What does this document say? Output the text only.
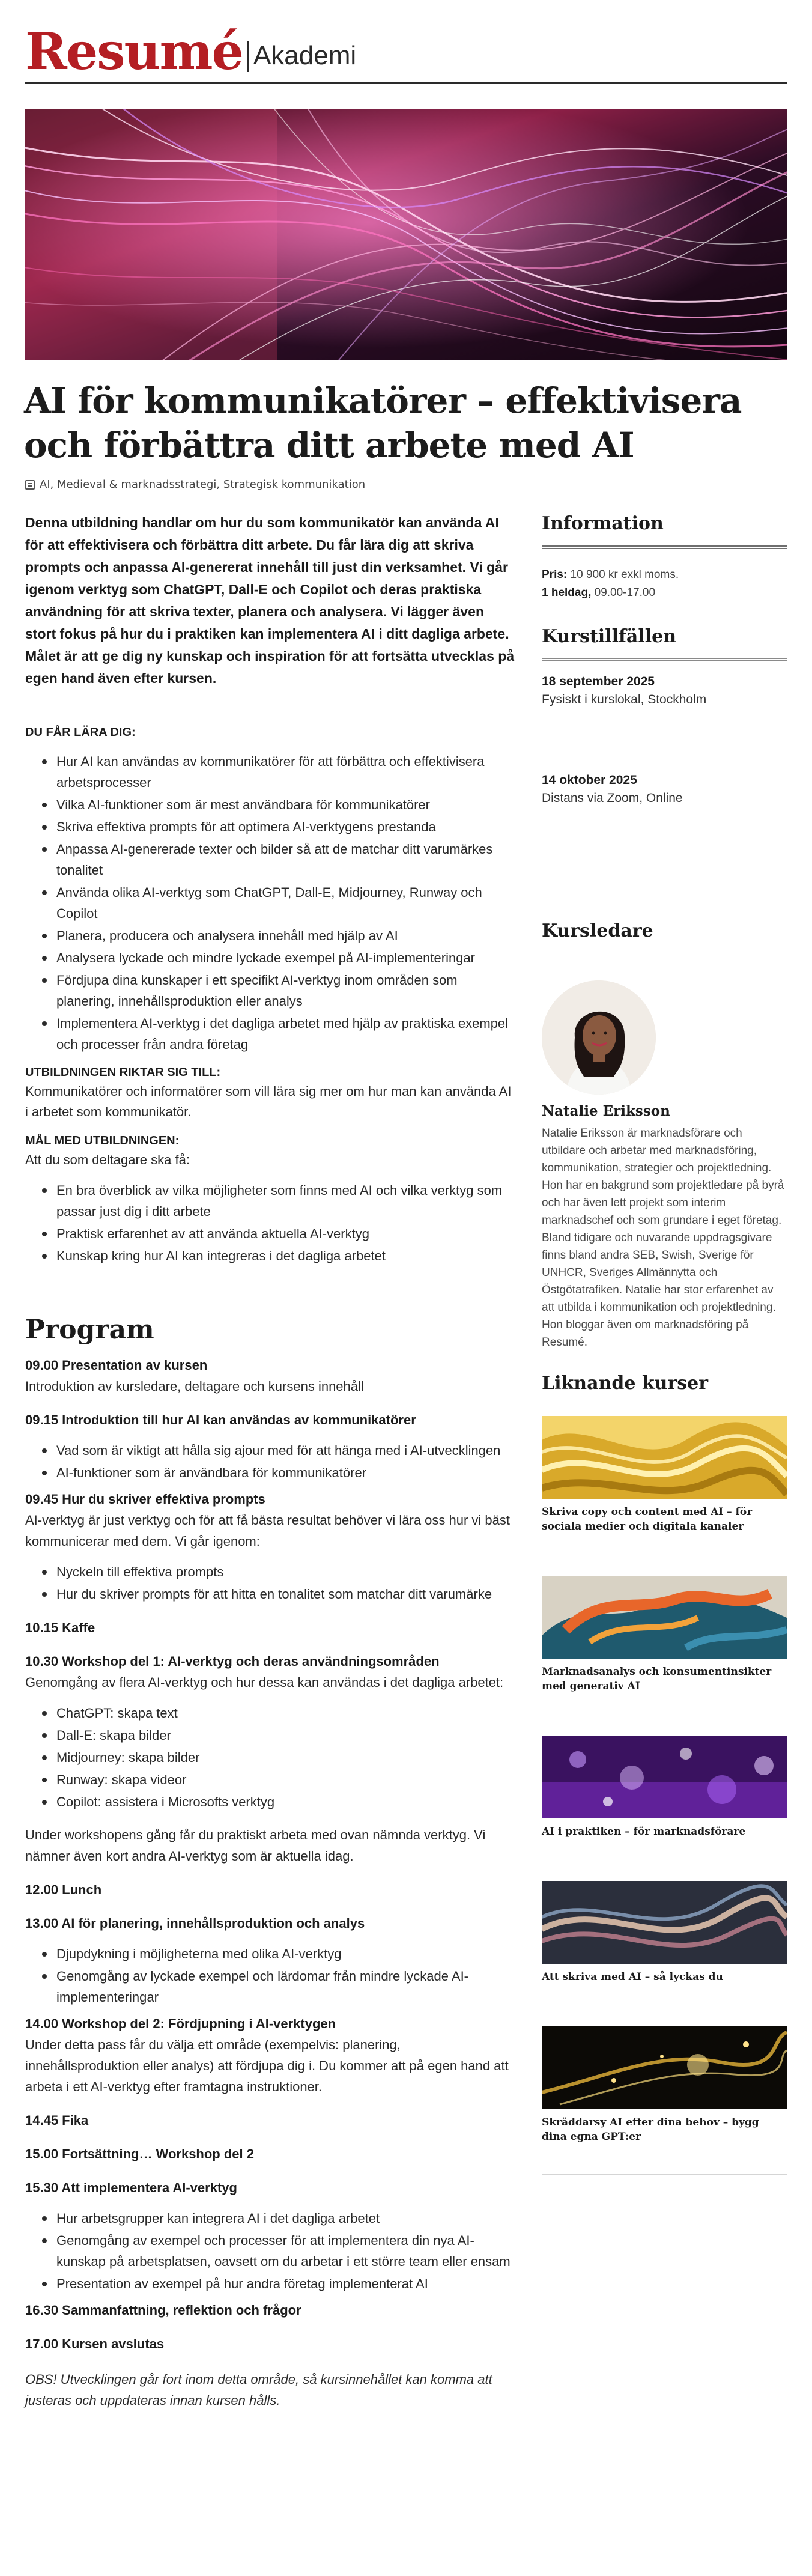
Resumé Akademi
AI för kommunikatörer – effektivisera och förbättra ditt arbete med AI
AI, Medieval & marknadsstrategi, Strategisk kommunikation

Denna utbildning handlar om hur du som kommunikatör kan använda AI för att effektivisera och förbättra ditt arbete. Du får lära dig att skriva prompts och anpassa AI-genererat innehåll till just din verksamhet. Vi går igenom verktyg som ChatGPT, Dall-E och Copilot och deras praktiska användning för att skriva texter, planera och analysera. Vi lägger även stort fokus på hur du i praktiken kan implementera AI i ditt dagliga arbete. Målet är att ge dig ny kunskap och inspiration för att fortsätta utvecklas på egen hand även efter kursen.

DU FÅR LÄRA DIG:

Hur AI kan användas av kommunikatörer för att förbättra och effektivisera arbetsprocesser
Vilka AI-funktioner som är mest användbara för kommunikatörer
Skriva effektiva prompts för att optimera AI-verktygens prestanda
Anpassa AI-genererade texter och bilder så att de matchar ditt varumärkes tonalitet
Använda olika AI-verktyg som ChatGPT, Dall-E, Midjourney, Runway och Copilot
Planera, producera och analysera innehåll med hjälp av AI
Analysera lyckade och mindre lyckade exempel på AI-implementeringar
Fördjupa dina kunskaper i ett specifikt AI-verktyg inom områden som planering, innehållsproduktion eller analys
Implementera AI-verktyg i det dagliga arbetet med hjälp av praktiska exempel och processer från andra företag

UTBILDNINGEN RIKTAR SIG TILL:

Kommunikatörer och informatörer som vill lära sig mer om hur man kan använda AI i arbetet som kommunikatör.

MÅL MED UTBILDNINGEN:

Att du som deltagare ska få:

En bra överblick av vilka möjligheter som finns med AI och vilka verktyg som passar just dig i ditt arbete
Praktisk erfarenhet av att använda aktuella AI-verktyg
Kunskap kring hur AI kan integreras i det dagliga arbetet
Program

09.00 Presentation av kursen

Introduktion av kursledare, deltagare och kursens innehåll

09.15 Introduktion till hur AI kan användas av kommunikatörer

Vad som är viktigt att hålla sig ajour med för att hänga med i AI-utvecklingen
AI-funktioner som är användbara för kommunikatörer

09.45 Hur du skriver effektiva prompts

AI-verktyg är just verktyg och för att få bästa resultat behöver vi lära oss hur vi bäst kommunicerar med dem. Vi går igenom:

Nyckeln till effektiva prompts
Hur du skriver prompts för att hitta en tonalitet som matchar ditt varumärke

10.15 Kaffe

10.30 Workshop del 1: AI-verktyg och deras användningsområden

Genomgång av flera AI-verktyg och hur dessa kan användas i det dagliga arbetet:

ChatGPT: skapa text
Dall-E: skapa bilder
Midjourney: skapa bilder
Runway: skapa videor
Copilot: assistera i Microsofts verktyg

Under workshopens gång får du praktiskt arbeta med ovan nämnda verktyg. Vi nämner även kort andra AI-verktyg som är aktuella idag.

12.00 Lunch

13.00 AI för planering, innehållsproduktion och analys

Djupdykning i möjligheterna med olika AI-verktyg
Genomgång av lyckade exempel och lärdomar från mindre lyckade AI-implementeringar

14.00 Workshop del 2: Fördjupning i AI-verktygen

Under detta pass får du välja ett område (exempelvis: planering, innehållsproduktion eller analys) att fördjupa dig i. Du kommer att på egen hand att arbeta i ett AI-verktyg efter framtagna instruktioner.

14.45 Fika

15.00 Fortsättning… Workshop del 2

15.30 Att implementera AI-verktyg

Hur arbetsgrupper kan integrera AI i det dagliga arbetet
Genomgång av exempel och processer för att implementera din nya AI-kunskap på arbetsplatsen, oavsett om du arbetar i ett större team eller ensam
Presentation av exempel på hur andra företag implementerat AI

16.30 Sammanfattning, reflektion och frågor

17.00 Kursen avslutas

OBS! Utvecklingen går fort inom detta område, så kursinnehållet kan komma att justeras och uppdateras innan kursen hålls.

Information

Pris: 10 900 kr exkl moms.
1 heldag, 09.00-17.00

Kurstillfällen

18 september 2025

Fysiskt i kurslokal, Stockholm

14 oktober 2025

Distans via Zoom, Online

Kursledare

Natalie Eriksson

Natalie Eriksson är marknadsförare och utbildare och arbetar med marknadsföring, kommunikation, strategier och projektledning. Hon har en bakgrund som projektledare på byrå och har även lett projekt som interim marknadschef och som grundare i eget företag. Bland tidigare och nuvarande uppdragsgivare finns bland andra SEB, Swish, Sverige för UNHCR, Sveriges Allmännytta och Östgötatrafiken. Natalie har stor erfarenhet av att utbilda i kommunikation och projektledning. Hon bloggar även om marknadsföring på Resumé.

Liknande kurser

Skriva copy och content med AI – för sociala medier och digitala kanaler

Marknadsanalys och konsumentinsikter med generativ AI

AI i praktiken – för marknadsförare

Att skriva med AI – så lyckas du

Skräddarsy AI efter dina behov – bygg dina egna GPT:er
